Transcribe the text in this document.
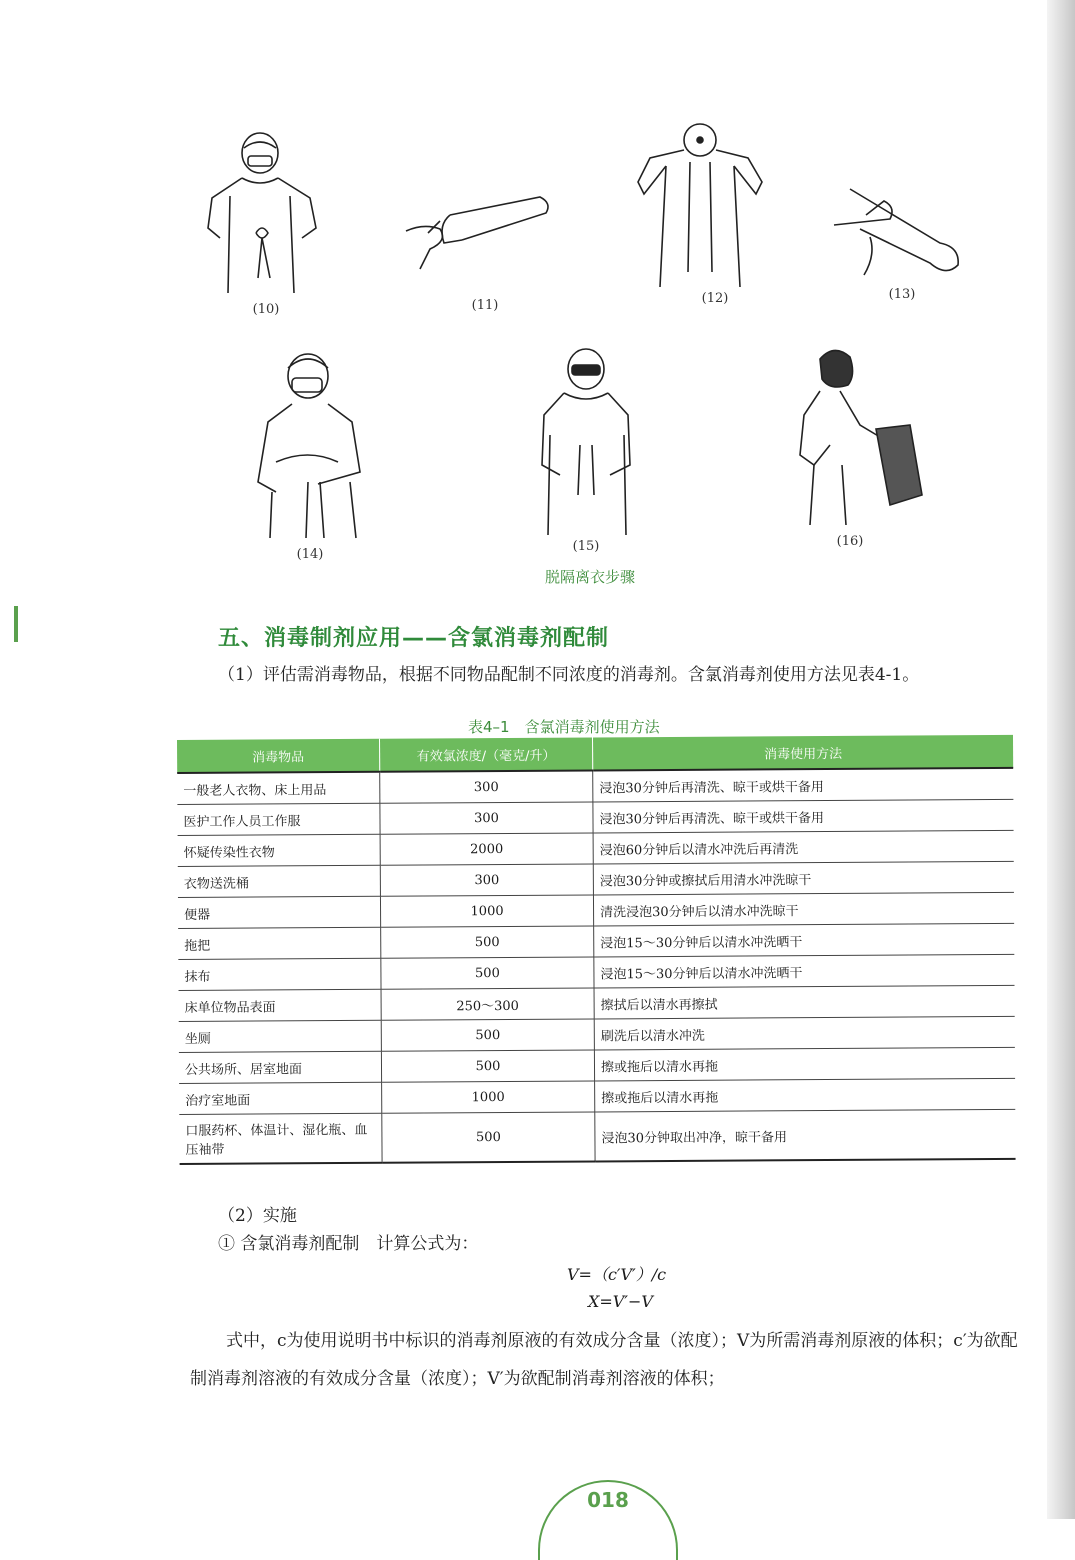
(10)	(11)	(12)	(13)
(14)
(15)	(16)
脱隔离衣步骤
五、消毒制剂应用——含氯消毒剂配制
（1）评估需消毒物品，根据不同物品配制不同浓度的消毒剂。含氯消毒剂使用方法见表4-1。
表4–1　含氯消毒剂使用方法
消毒物品	有效氯浓度/（毫克/升）	消毒使用方法
一般老人衣物、床上用品	300	浸泡30分钟后再清洗、晾干或烘干备用
医护工作人员工作服	300	浸泡30分钟后再清洗、晾干或烘干备用
怀疑传染性衣物	2000	浸泡60分钟后以清水冲洗后再清洗
衣物送洗桶	300	浸泡30分钟或擦拭后用清水冲洗晾干
便器	1000	清洗浸泡30分钟后以清水冲洗晾干
拖把	500	浸泡15～30分钟后以清水冲洗晒干
抹布	500	浸泡15～30分钟后以清水冲洗晒干
床单位物品表面	250～300	擦拭后以清水再擦拭
坐厕	500	刷洗后以清水冲洗
公共场所、居室地面	500	擦或拖后以清水再拖
治疗室地面	1000	擦或拖后以清水再拖
口服药杯、体温计、湿化瓶、血压袖带	500	浸泡30分钟取出冲净，晾干备用
（2）实施
① 含氯消毒剂配制　计算公式为：
V=（c′V′）/c
X=V′−V
式中，c为使用说明书中标识的消毒剂原液的有效成分含量（浓度）；V为所需消毒剂原液的体积；c′为欲配制消毒剂溶液的有效成分含量（浓度）；V′为欲配制消毒剂溶液的体积；
018
